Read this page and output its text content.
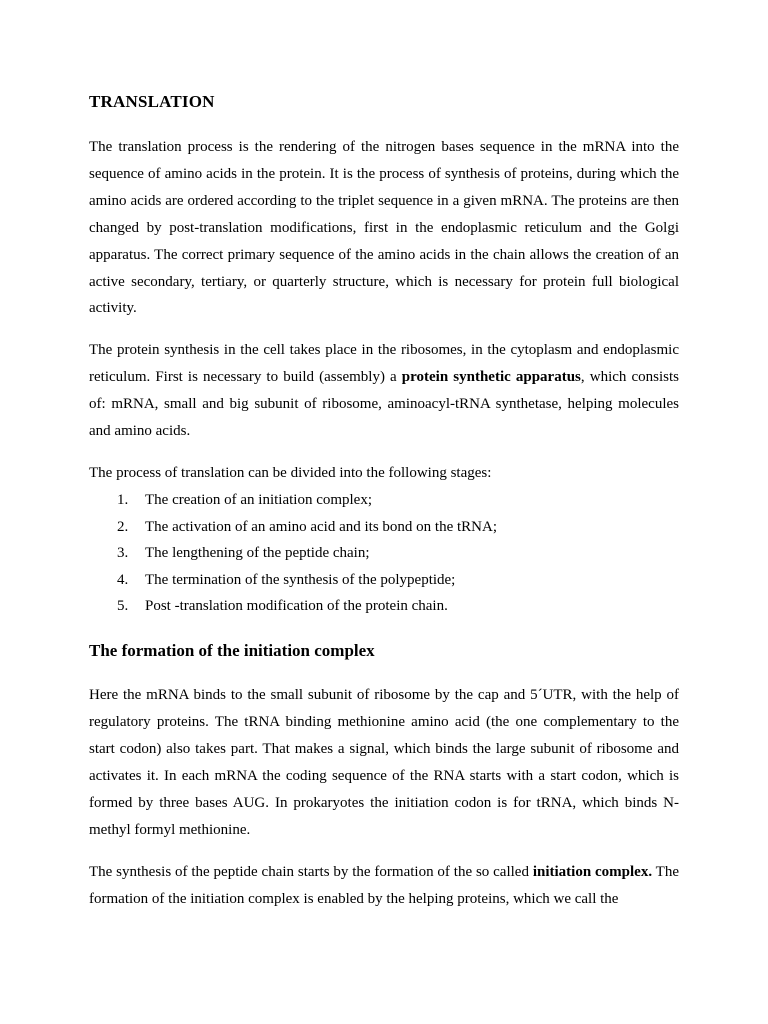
TRANSLATION

The translation process is the rendering of the nitrogen bases sequence in the mRNA into the sequence of amino acids in the protein. It is the process of synthesis of proteins, during which the amino acids are ordered according to the triplet sequence in a given mRNA. The proteins are then changed by post-translation modifications, first in the endoplasmic reticulum and the Golgi apparatus. The correct primary sequence of the amino acids in the chain allows the creation of an active secondary, tertiary, or quarterly structure, which is necessary for protein full biological activity.

The protein synthesis in the cell takes place in the ribosomes, in the cytoplasm and endoplasmic reticulum. First is necessary to build (assembly) a protein synthetic apparatus, which consists of: mRNA, small and big subunit of ribosome, aminoacyl-tRNA synthetase, helping molecules and amino acids.

The process of translation can be divided into the following stages:

1. The creation of an initiation complex;
2. The activation of an amino acid and its bond on the tRNA;
3. The lengthening of the peptide chain;
4. The termination of the synthesis of the polypeptide;
5. Post -translation modification of the protein chain.
The formation of the initiation complex

Here the mRNA binds to the small subunit of ribosome by the cap and 5´UTR, with the help of regulatory proteins. The tRNA binding methionine amino acid (the one complementary to the start codon) also takes part. That makes a signal, which binds the large subunit of ribosome and activates it. In each mRNA the coding sequence of the RNA starts with a start codon, which is formed by three bases AUG. In prokaryotes the initiation codon is for tRNA, which binds N-methyl formyl methionine.

The synthesis of the peptide chain starts by the formation of the so called initiation complex. The formation of the initiation complex is enabled by the helping proteins, which we call the
